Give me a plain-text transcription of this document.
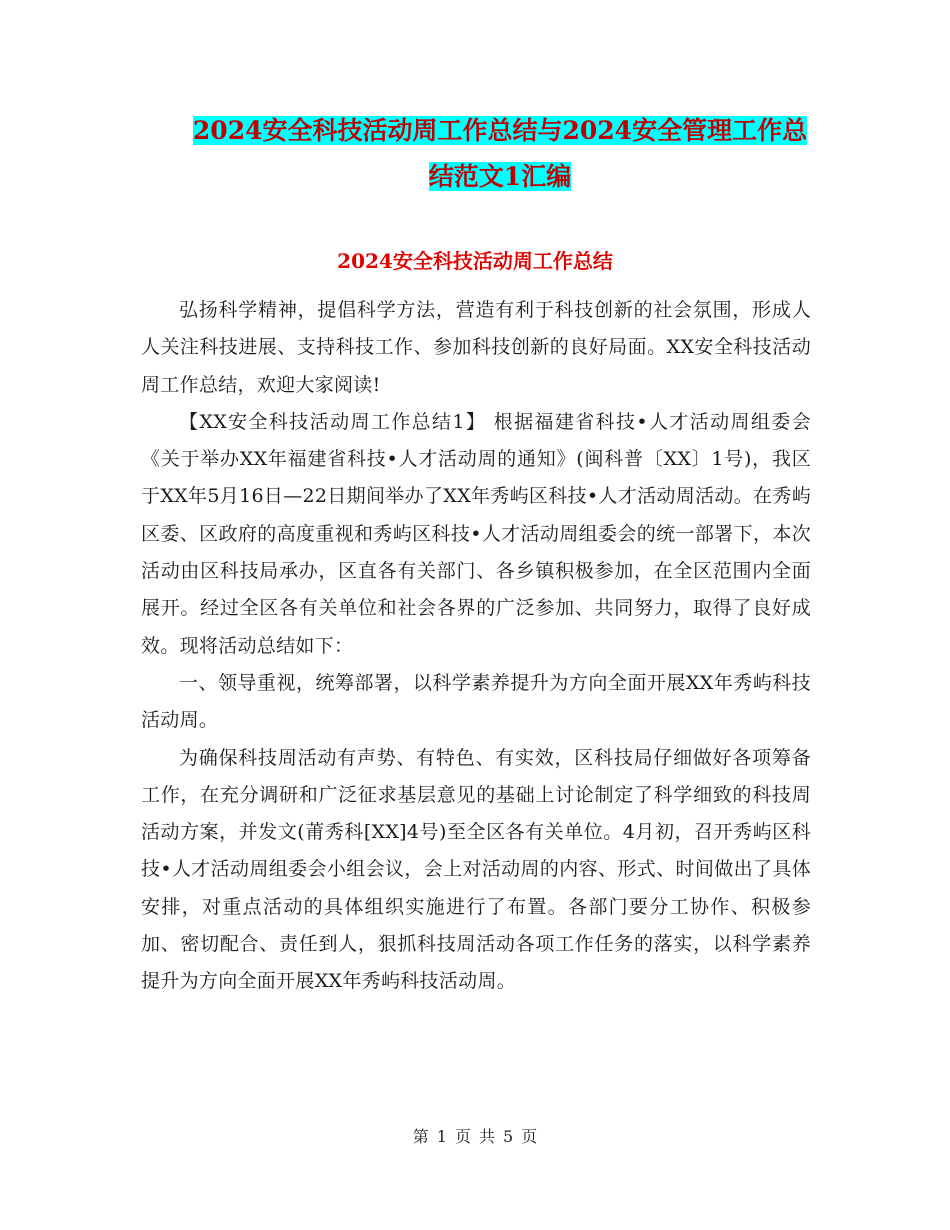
2024安全科技活动周工作总结与2024安全管理工作总
结范文1汇编
2024安全科技活动周工作总结

弘扬科学精神，提倡科学方法，营造有利于科技创新的社会氛围，形成人人关注科技进展、支持科技工作、参加科技创新的良好局面。XX安全科技活动周工作总结，欢迎大家阅读!

【XX安全科技活动周工作总结1】 根据福建省科技•人才活动周组委会《关于举办XX年福建省科技•人才活动周的通知》(闽科普〔XX〕1号)，我区于XX年5月16日—22日期间举办了XX年秀屿区科技•人才活动周活动。在秀屿区委、区政府的高度重视和秀屿区科技•人才活动周组委会的统一部署下，本次活动由区科技局承办，区直各有关部门、各乡镇积极参加，在全区范围内全面展开。经过全区各有关单位和社会各界的广泛参加、共同努力，取得了良好成效。现将活动总结如下：

一、领导重视，统筹部署，以科学素养提升为方向全面开展XX年秀屿科技活动周。

为确保科技周活动有声势、有特色、有实效，区科技局仔细做好各项筹备工作，在充分调研和广泛征求基层意见的基础上讨论制定了科学细致的科技周活动方案，并发文(莆秀科[XX]4号)至全区各有关单位。4月初，召开秀屿区科技•人才活动周组委会小组会议，会上对活动周的内容、形式、时间做出了具体安排，对重点活动的具体组织实施进行了布置。各部门要分工协作、积极参加、密切配合、责任到人，狠抓科技周活动各项工作任务的落实，以科学素养提升为方向全面开展XX年秀屿科技活动周。

第 1 页 共 5 页
